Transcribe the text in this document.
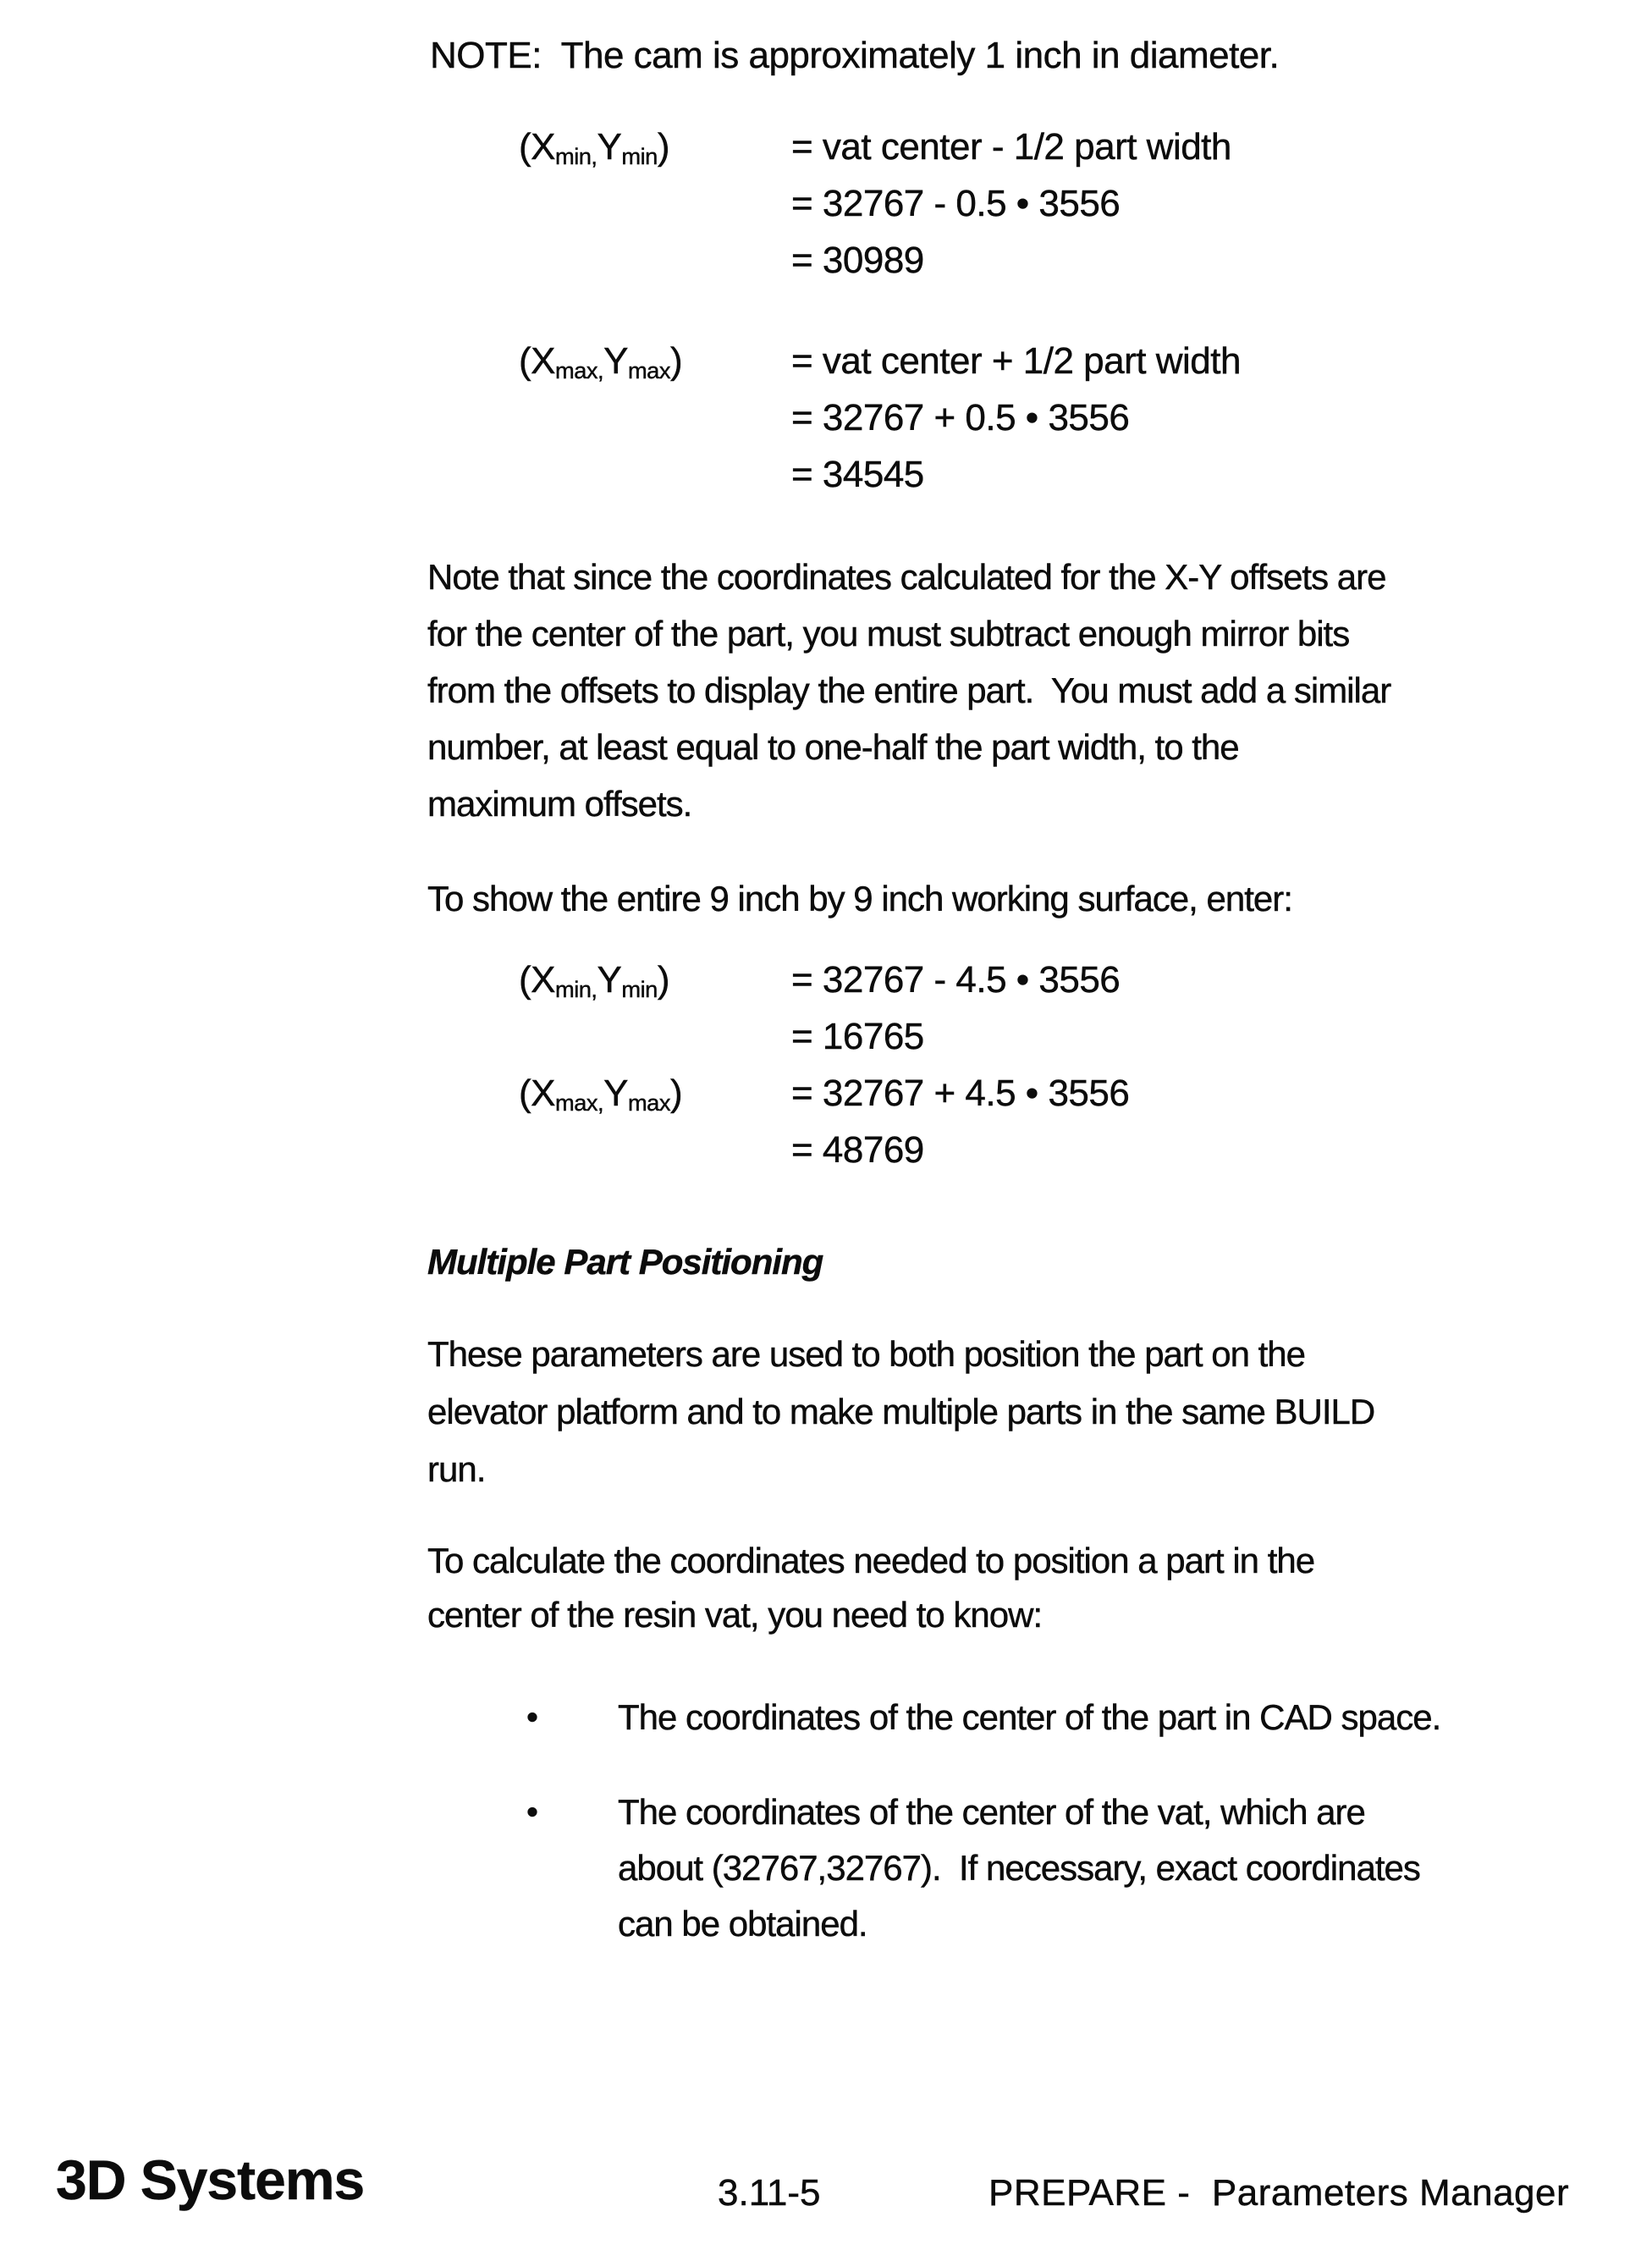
NOTE:  The cam is approximately 1 inch in diameter.
$(X_{min,}Y_{min})$	= vat center - 1/2 part width
= 32767 - 0.5 • 3556
= 30989
$(X_{max,}Y_{max})$	= vat center + 1/2 part width
= 32767 + 0.5 • 3556
= 34545
Note that since the coordinates calculated for the X-Y offsets are
for the center of the part, you must subtract enough mirror bits
from the offsets to display the entire part.  You must add a similar
number, at least equal to one-half the part width, to the
maximum offsets.
To show the entire 9 inch by 9 inch working surface, enter:
$(X_{min,}Y_{min})$	= 32767 - 4.5 • 3556
= 16765
$(X_{max,}Y_{max})$	= 32767 + 4.5 • 3556
= 48769
Multiple Part Positioning
These parameters are used to both position the part on the
elevator platform and to make multiple parts in the same BUILD
run.
To calculate the coordinates needed to position a part in the
center of the resin vat, you need to know:
•	The coordinates of the center of the part in CAD space.
•	The coordinates of the center of the vat, which are
about (32767,32767).  If necessary, exact coordinates
can be obtained.
3D Systems	3.11-5	PREPARE -  Parameters Manager
